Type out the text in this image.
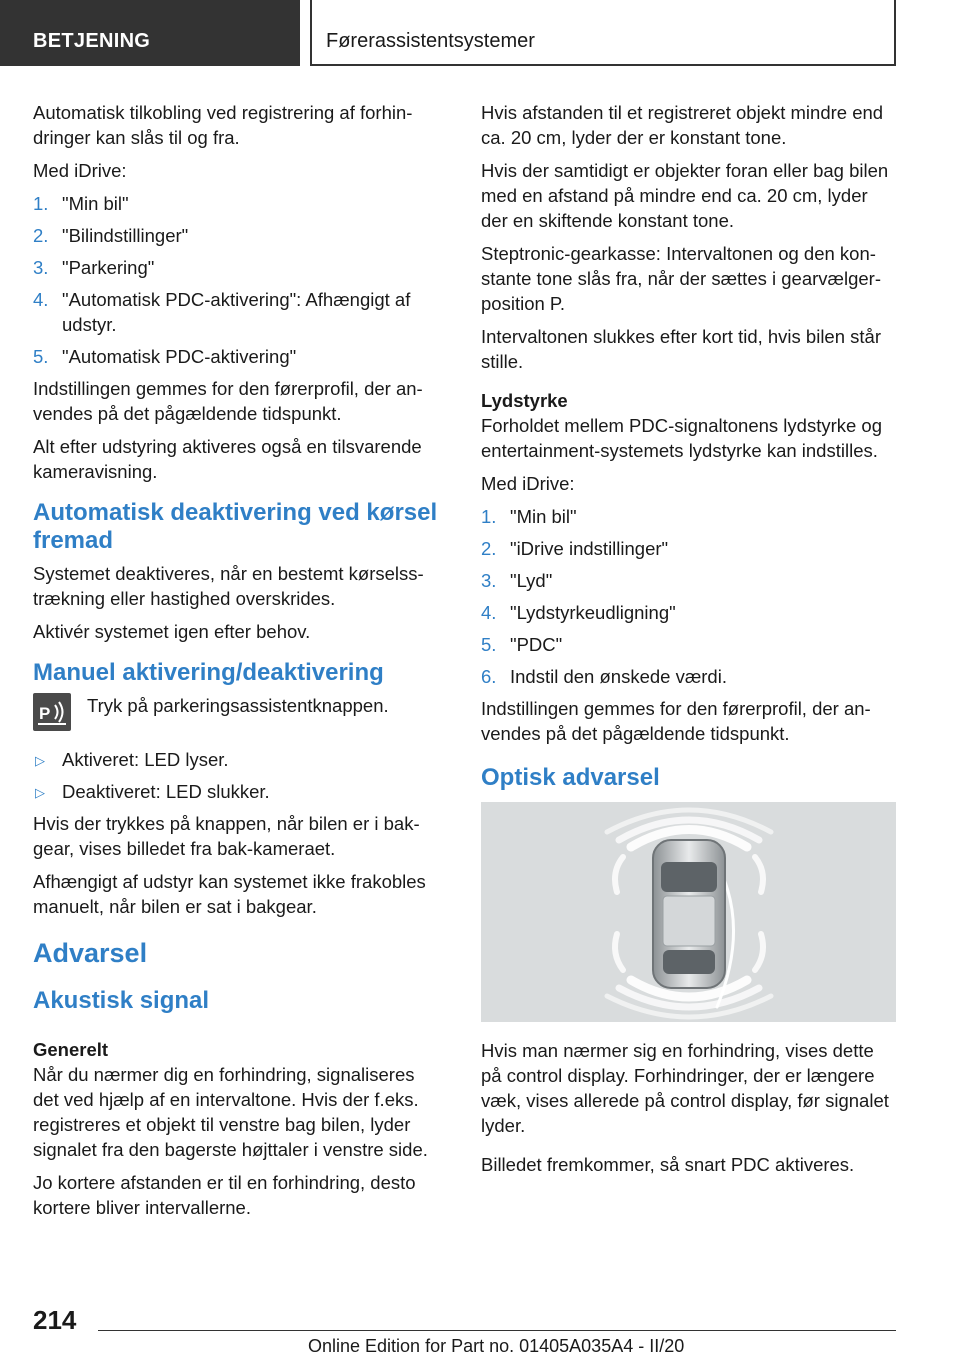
BETJENING	Førerassistentsystemer

Automatisk tilkobling ved registrering af forhindringer kan slås til og fra.

Med iDrive:

1. "Min bil"
2. "Bilindstillinger"
3. "Parkering"
4. "Automatisk PDC-aktivering": Afhængigt af udstyr.
5. "Automatisk PDC-aktivering"

Indstillingen gemmes for den førerprofil, der anvendes på det pågældende tidspunkt.

Alt efter udstyring aktiveres også en tilsvarende kameravisning.

Automatisk deaktivering ved kørsel fremad

Systemet deaktiveres, når en bestemt kørselsstrækning eller hastighed overskrides.

Aktivér systemet igen efter behov.

Manuel aktivering/deaktivering
P Tryk på parkeringsassistentknappen.
▷ Aktiveret: LED lyser.
▷ Deaktiveret: LED slukker.

Hvis der trykkes på knappen, når bilen er i bakgear, vises billedet fra bak-kameraet.

Afhængigt af udstyr kan systemet ikke frakobles manuelt, når bilen er sat i bakgear.

Advarsel
Akustisk signal
Generelt

Når du nærmer dig en forhindring, signaliseres det ved hjælp af en intervaltone. Hvis der f.eks. registreres et objekt til venstre bag bilen, lyder signalet fra den bagerste højttaler i venstre side.

Jo kortere afstanden er til en forhindring, desto kortere bliver intervallerne.

Hvis afstanden til et registreret objekt mindre end ca. 20 cm, lyder der er konstant tone.

Hvis der samtidigt er objekter foran eller bag bilen med en afstand på mindre end ca. 20 cm, lyder der en skiftende konstant tone.

Steptronic-gearkasse: Intervaltonen og den konstante tone slås fra, når der sættes i gearvælgerposition P.

Intervaltonen slukkes efter kort tid, hvis bilen står stille.

Lydstyrke

Forholdet mellem PDC-signaltonens lydstyrke og entertainment-systemets lydstyrke kan indstilles.

Med iDrive:

1. "Min bil"
2. "iDrive indstillinger"
3. "Lyd"
4. "Lydstyrkeudligning"
5. "PDC"
6. Indstil den ønskede værdi.

Indstillingen gemmes for den førerprofil, der anvendes på det pågældende tidspunkt.

Optisk advarsel

Hvis man nærmer sig en forhindring, vises dette på control display. Forhindringer, der er længere væk, vises allerede på control display, før signalet lyder.

Billedet fremkommer, så snart PDC aktiveres.

214
Online Edition for Part no. 01405A035A4 - II/20
